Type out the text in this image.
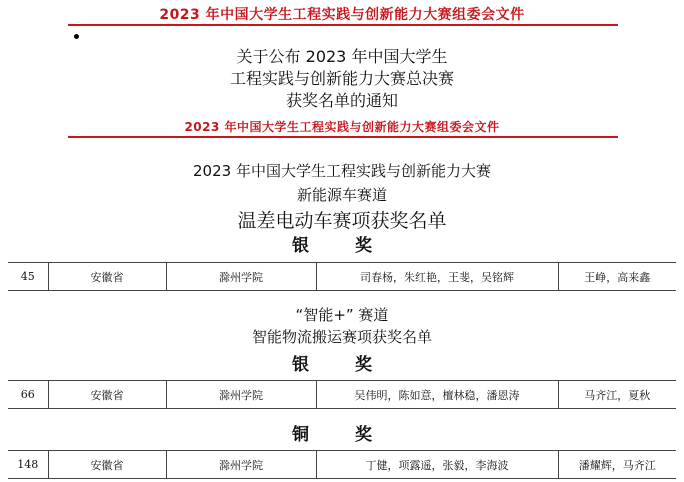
2023 年中国大学生工程实践与创新能力大赛组委会文件
关于公布 2023 年中国大学生
工程实践与创新能力大赛总决赛
获奖名单的通知
2023 年中国大学生工程实践与创新能力大赛组委会文件
2023 年中国大学生工程实践与创新能力大赛
新能源车赛道
温差电动车赛项获奖名单
银 奖
45	安徽省	滁州学院	司春杨，朱红艳，王斐，吴铭辉	王峥，高来鑫
“智能+” 赛道
智能物流搬运赛项获奖名单
银 奖
66	安徽省	滁州学院	吴伟明，陈如意，檀林稳，潘恩涛	马齐江，夏秋
铜 奖
148	安徽省	滁州学院	丁健，项露遥，张毅，李海波	潘耀辉，马齐江
